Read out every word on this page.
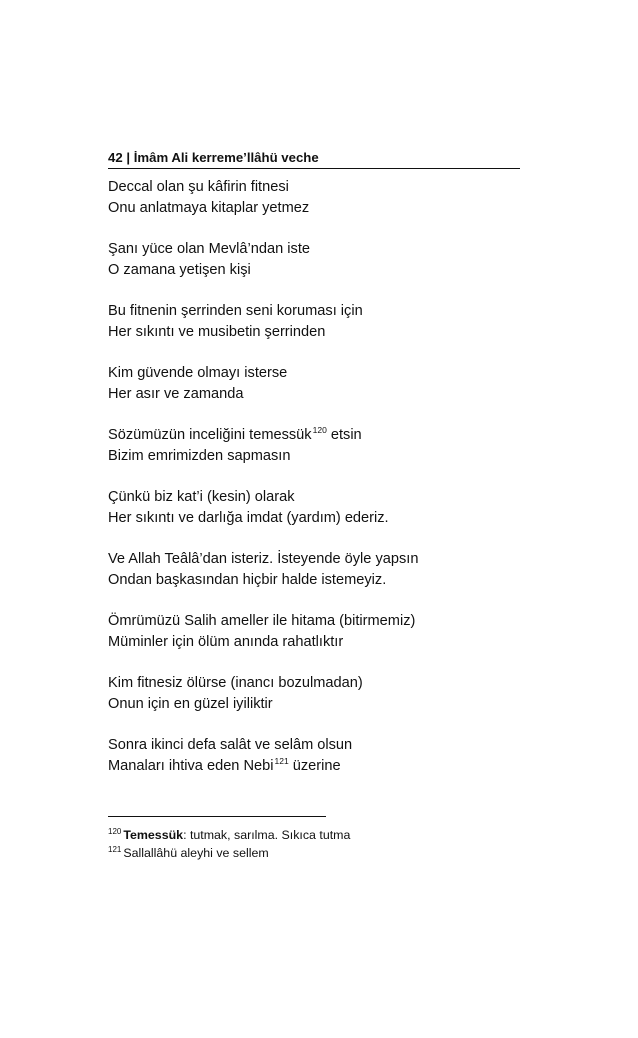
42 | İmâm Ali kerreme’llâhü veche
Deccal olan şu kâfirin fitnesi
Onu anlatmaya kitaplar yetmez
Şanı yüce olan Mevlâ’ndan iste
O zamana yetişen kişi
Bu fitnenin şerrinden seni koruması için
Her sıkıntı ve musibetin şerrinden
Kim güvende olmayı isterse
Her asır ve zamanda
Sözümüzün inceliğini temessük$^{120}$ etsin
Bizim emrimizden sapmasın
Çünkü biz kat’i (kesin) olarak
Her sıkıntı ve darlığa imdat (yardım) ederiz.
Ve Allah Teâlâ’dan isteriz. İsteyende öyle yapsın
Ondan başkasından hiçbir halde istemeyiz.
Ömrümüzü Salih ameller ile hitama (bitirmemiz)
Müminler için ölüm anında rahatlıktır
Kim fitnesiz ölürse (inancı bozulmadan)
Onun için en güzel iyiliktir
Sonra ikinci defa salât ve selâm olsun
Manaları ihtiva eden Nebi$^{121}$ üzerine
$^{120}$ Temessük: tutmak, sarılma. Sıkıca tutma
$^{121}$ Sallallâhü aleyhi ve sellem
